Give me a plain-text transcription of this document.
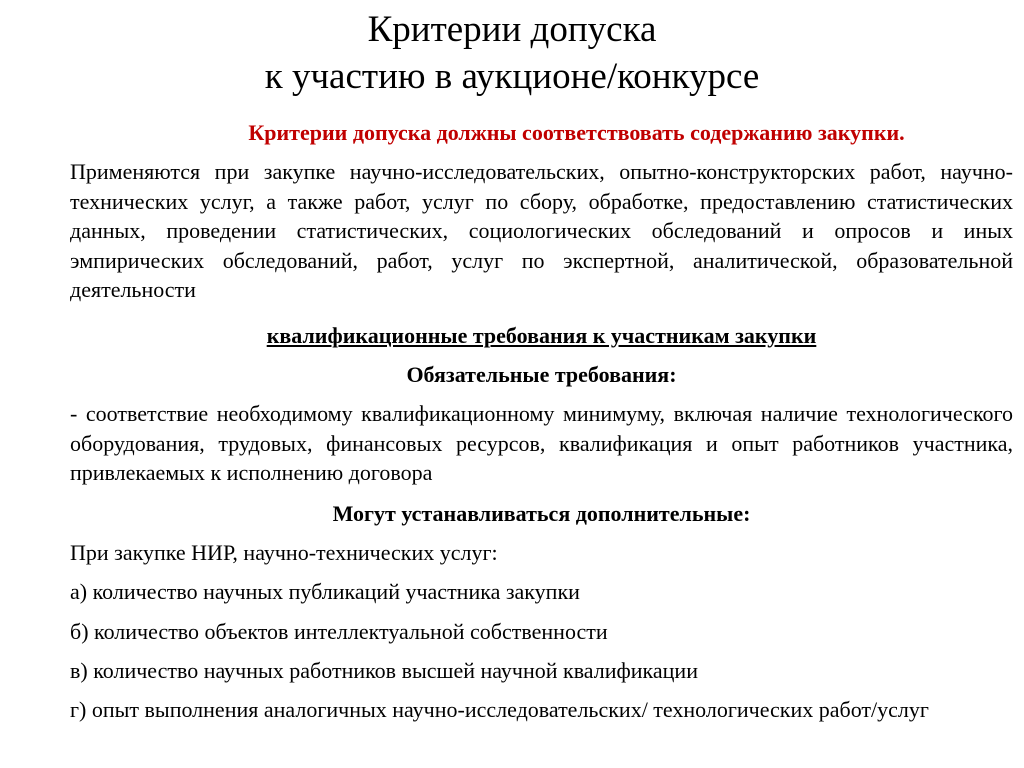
Критерии допуска
к участию в аукционе/конкурсе
Критерии допуска должны соответствовать содержанию закупки.
Применяются при закупке научно-исследовательских, опытно-конструкторских работ, научно-технических услуг, а также работ, услуг по сбору, обработке, предоставлению статистических данных, проведении статистических, социологических обследований и опросов и иных эмпирических обследований, работ, услуг по экспертной, аналитической, образовательной деятельности
квалификационные требования к участникам закупки
Обязательные требования:
- соответствие необходимому квалификационному минимуму, включая наличие технологического оборудования, трудовых, финансовых ресурсов, квалификация и опыт работников участника, привлекаемых к исполнению договора
Могут устанавливаться дополнительные:
При закупке НИР, научно-технических услуг:
а) количество научных публикаций участника закупки
б) количество объектов интеллектуальной собственности
в) количество научных работников высшей научной квалификации
г) опыт выполнения аналогичных научно-исследовательских/ технологических работ/услуг
